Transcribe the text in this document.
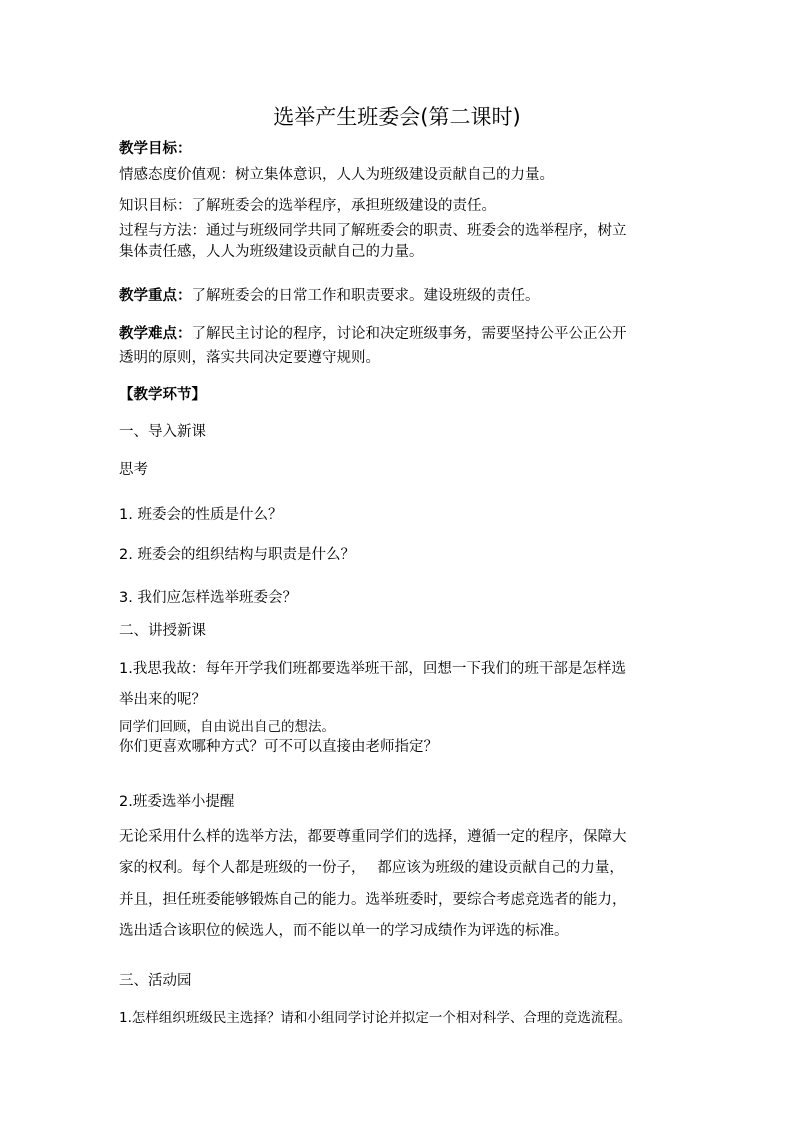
选举产生班委会(第二课时)
教学目标：
情感态度价值观：树立集体意识，人人为班级建设贡献自己的力量。
知识目标：了解班委会的选举程序，承担班级建设的责任。
过程与方法：通过与班级同学共同了解班委会的职责、班委会的选举程序，树立
集体责任感，人人为班级建设贡献自己的力量。
教学重点：了解班委会的日常工作和职责要求。建设班级的责任。
教学难点：了解民主讨论的程序，讨论和决定班级事务，需要坚持公平公正公开
透明的原则，落实共同决定要遵守规则。
【教学环节】
一、导入新课
思考
1. 班委会的性质是什么？
2. 班委会的组织结构与职责是什么？
3. 我们应怎样选举班委会？
二、讲授新课
1.我思我故：每年开学我们班都要选举班干部，回想一下我们的班干部是怎样选
举出来的呢？
同学们回顾，自由说出自己的想法。
你们更喜欢哪种方式？可不可以直接由老师指定？
2.班委选举小提醒
无论采用什么样的选举方法，都要尊重同学们的选择，遵循一定的程序，保障大
家的权利。每个人都是班级的一份子，　 都应该为班级的建设贡献自己的力量，
并且，担任班委能够锻炼自己的能力。选举班委时，要综合考虑竞选者的能力，
选出适合该职位的候选人，而不能以单一的学习成绩作为评选的标准。
三、活动园
1.怎样组织班级民主选择？请和小组同学讨论并拟定一个相对科学、合理的竞选流程。
